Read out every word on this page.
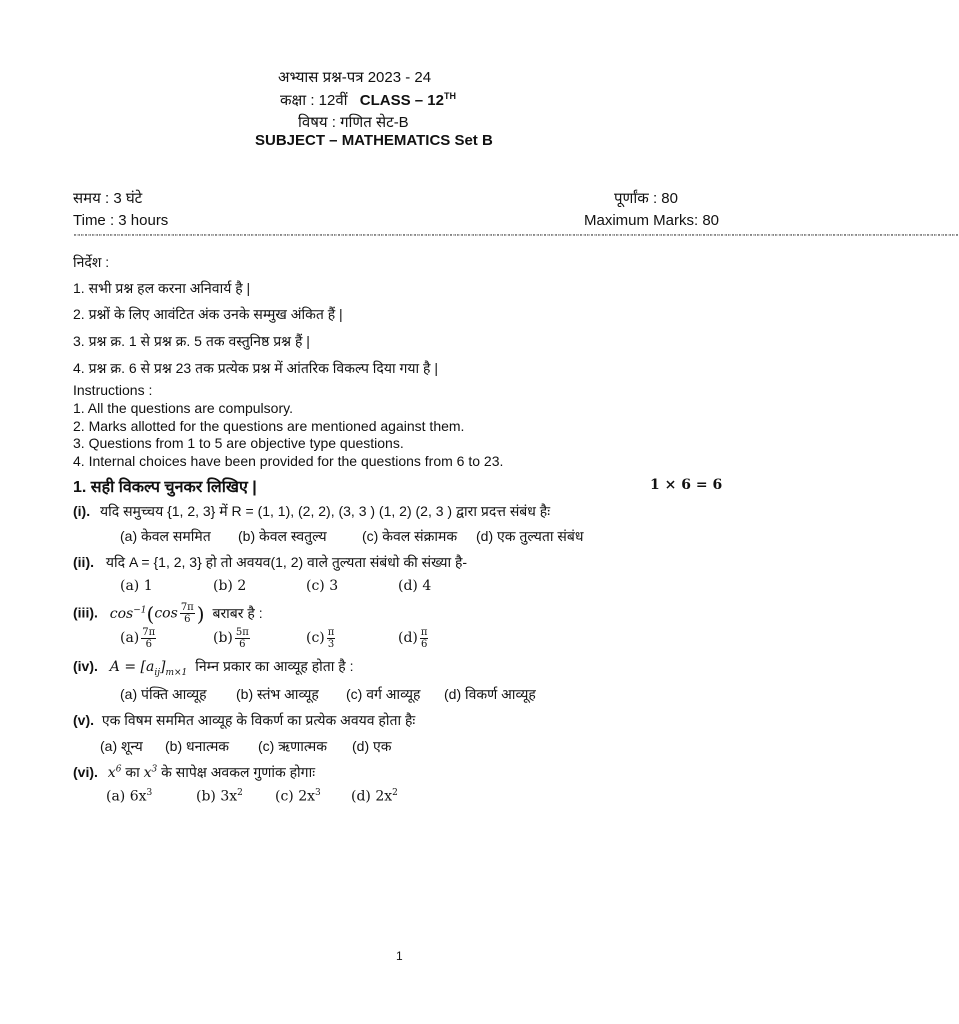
अभ्यास प्रश्न-पत्र 2023 - 24
कक्षा : 12वीं CLASS – 12TH
विषय : गणित सेट-B
SUBJECT – MATHEMATICS Set B
समय : 3 घंटे	पूर्णांक : 80
Time : 3 hours	Maximum Marks: 80
"""""""""""""""""""""""""""""""""""""""""""""""""""""""""""""""""""""""""""""""""""""""""""""""""""""""""""""""""""""""""""""""""""""""""""""""""""""""""""""""""""""""""""""""""""""""""""""""""""""""""""""""""""""""""""""""""""""""""""""""""""""
निर्देश :
1. सभी प्रश्न हल करना अनिवार्य है |
2. प्रश्नों के लिए आवंटित अंक उनके सम्मुख अंकित हैं |
3. प्रश्न क्र. 1 से प्रश्न क्र. 5 तक वस्तुनिष्ठ प्रश्न हैं |
4. प्रश्न क्र. 6 से प्रश्न 23 तक प्रत्येक प्रश्न में आंतरिक विकल्प दिया गया है |
Instructions :
1. All the questions are compulsory.
2. Marks allotted for the questions are mentioned against them.
3. Questions from 1 to 5 are objective type questions.
4. Internal choices have been provided for the questions from 6 to 23.
1. सही विकल्प चुनकर लिखिए |	1 × 6 = 6
(i). यदि समुच्चय {1, 2, 3} में R = (1, 1), (2, 2), (3, 3 ) (1, 2) (2, 3 ) द्वारा प्रदत्त संबंध हैः
(a) केवल सममित (b) केवल स्वतुल्य	(c) केवल संक्रामक (d) एक तुल्यता संबंध
(ii). यदि A = {1, 2, 3} हो तो अवयव(1, 2) वाले तुल्यता संबंधो की संख्या है-
(a) 1	(b) 2	(c) 3	(d) 4
(iii). $\cos^{-1}(\cos \frac{7\pi}{6}$ ) बराबर है :
$(a) \frac{7\pi}{6}$	$(b) \frac{5\pi}{6}$	$(c) \frac{\pi}{3}$	$(d) \frac{\pi}{6}$
(iv). $A = [a_{ij}]_{m\times 1}$ निम्न प्रकार का आव्यूह होता है :
(a) पंक्ति आव्यूह (b) स्तंभ आव्यूह (c) वर्ग आव्यूह (d) विकर्ण आव्यूह
(v). एक विषम सममित आव्यूह के विकर्ण का प्रत्येक अवयव होता हैः
(a) शून्य (b) धनात्मक (c) ऋणात्मक (d) एक
(vi). $x^6$ का $x^3$ के सापेक्ष अवकल गुणांक होगाः
(a) $6x^3$	(b) $3x^2$ (c) $2x^3$ (d) $2x^2$
1
